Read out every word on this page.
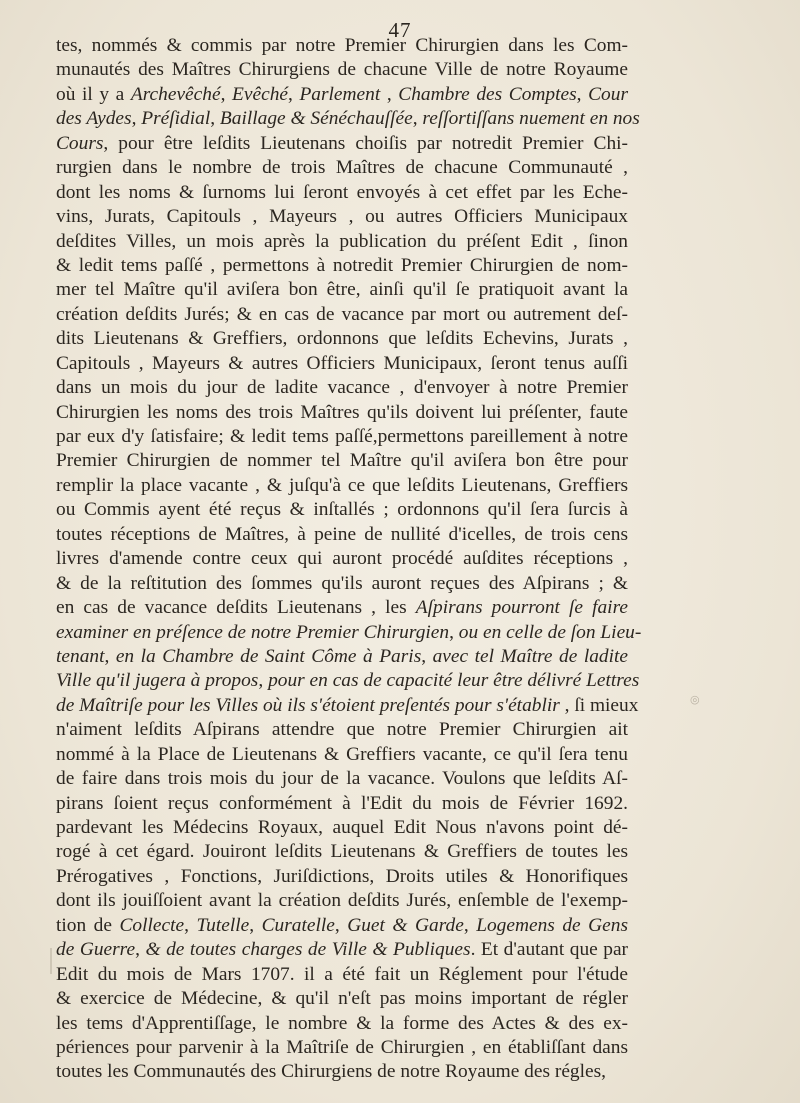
47
tes, nommés & commis par notre Premier Chirurgien dans les Com-
munautés des Maîtres Chirurgiens de chacune Ville de notre Royaume
où il y a Archevêché, Evêché, Parlement , Chambre des Comptes, Cour
des Aydes, Préſidial, Baillage & Sénéchauſſée, reſſortiſſans nuement en nos
Cours, pour être leſdits Lieutenans choiſis par notredit Premier Chi-
rurgien dans le nombre de trois Maîtres de chacune Communauté ,
dont les noms & ſurnoms lui ſeront envoyés à cet effet par les Eche-
vins, Jurats, Capitouls , Mayeurs , ou autres Officiers Municipaux
deſdites Villes, un mois après la publication du préſent Edit , ſinon
& ledit tems paſſé , permettons à notredit Premier Chirurgien de nom-
mer tel Maître qu'il aviſera bon être, ainſi qu'il ſe pratiquoit avant la
création deſdits Jurés; & en cas de vacance par mort ou autrement deſ-
dits Lieutenans & Greffiers, ordonnons que leſdits Echevins, Jurats ,
Capitouls , Mayeurs & autres Officiers Municipaux, ſeront tenus auſſi
dans un mois du jour de ladite vacance , d'envoyer à notre Premier
Chirurgien les noms des trois Maîtres qu'ils doivent lui préſenter, faute
par eux d'y ſatisfaire; & ledit tems paſſé,permettons pareillement à notre
Premier Chirurgien de nommer tel Maître qu'il aviſera bon être pour
remplir la place vacante , & juſqu'à ce que leſdits Lieutenans, Greffiers
ou Commis ayent été reçus & inſtallés ; ordonnons qu'il ſera ſurcis à
toutes réceptions de Maîtres, à peine de nullité d'icelles, de trois cens
livres d'amende contre ceux qui auront procédé auſdites réceptions ,
& de la reſtitution des ſommes qu'ils auront reçues des Aſpirans ; &
en cas de vacance deſdits Lieutenans , les Aſpirans pourront ſe faire
examiner en préſence de notre Premier Chirurgien, ou en celle de ſon Lieu-
tenant, en la Chambre de Saint Côme à Paris, avec tel Maître de ladite
Ville qu'il jugera à propos, pour en cas de capacité leur être délivré Lettres
de Maîtriſe pour les Villes où ils s'étoient preſentés pour s'établir , ſi mieux
n'aiment leſdits Aſpirans attendre que notre Premier Chirurgien ait
nommé à la Place de Lieutenans & Greffiers vacante, ce qu'il ſera tenu
de faire dans trois mois du jour de la vacance. Voulons que leſdits Aſ-
pirans ſoient reçus conformément à l'Edit du mois de Février 1692.
pardevant les Médecins Royaux, auquel Edit Nous n'avons point dé-
rogé à cet égard. Jouiront leſdits Lieutenans & Greffiers de toutes les
Prérogatives , Fonctions, Juriſdictions, Droits utiles & Honorifiques
dont ils jouiſſoient avant la création deſdits Jurés, enſemble de l'exemp-
tion de Collecte, Tutelle, Curatelle, Guet & Garde, Logemens de Gens
de Guerre, & de toutes charges de Ville & Publiques. Et d'autant que par
Edit du mois de Mars 1707. il a été fait un Réglement pour l'étude
& exercice de Médecine, & qu'il n'eſt pas moins important de régler
les tems d'Apprentiſſage, le nombre & la forme des Actes & des ex-
périences pour parvenir à la Maîtriſe de Chirurgien , en établiſſant dans
toutes les Communautés des Chirurgiens de notre Royaume des régles,
◎
